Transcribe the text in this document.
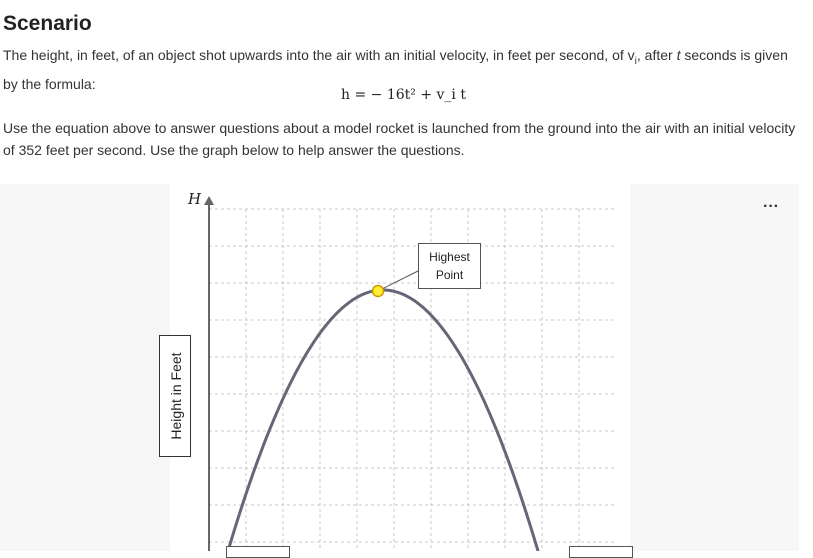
Scenario

The height, in feet, of an object shot upwards into the air with an initial velocity, in feet per second, of $v_i$, after t seconds is given by the formula:

h = − 16t² + v_i t

Use the equation above to answer questions about a model rocket is launched from the ground into the air with an initial velocity of 352 feet per second. Use the graph below to help answer the questions.

···
H
Height in Feet
Highest
Point
